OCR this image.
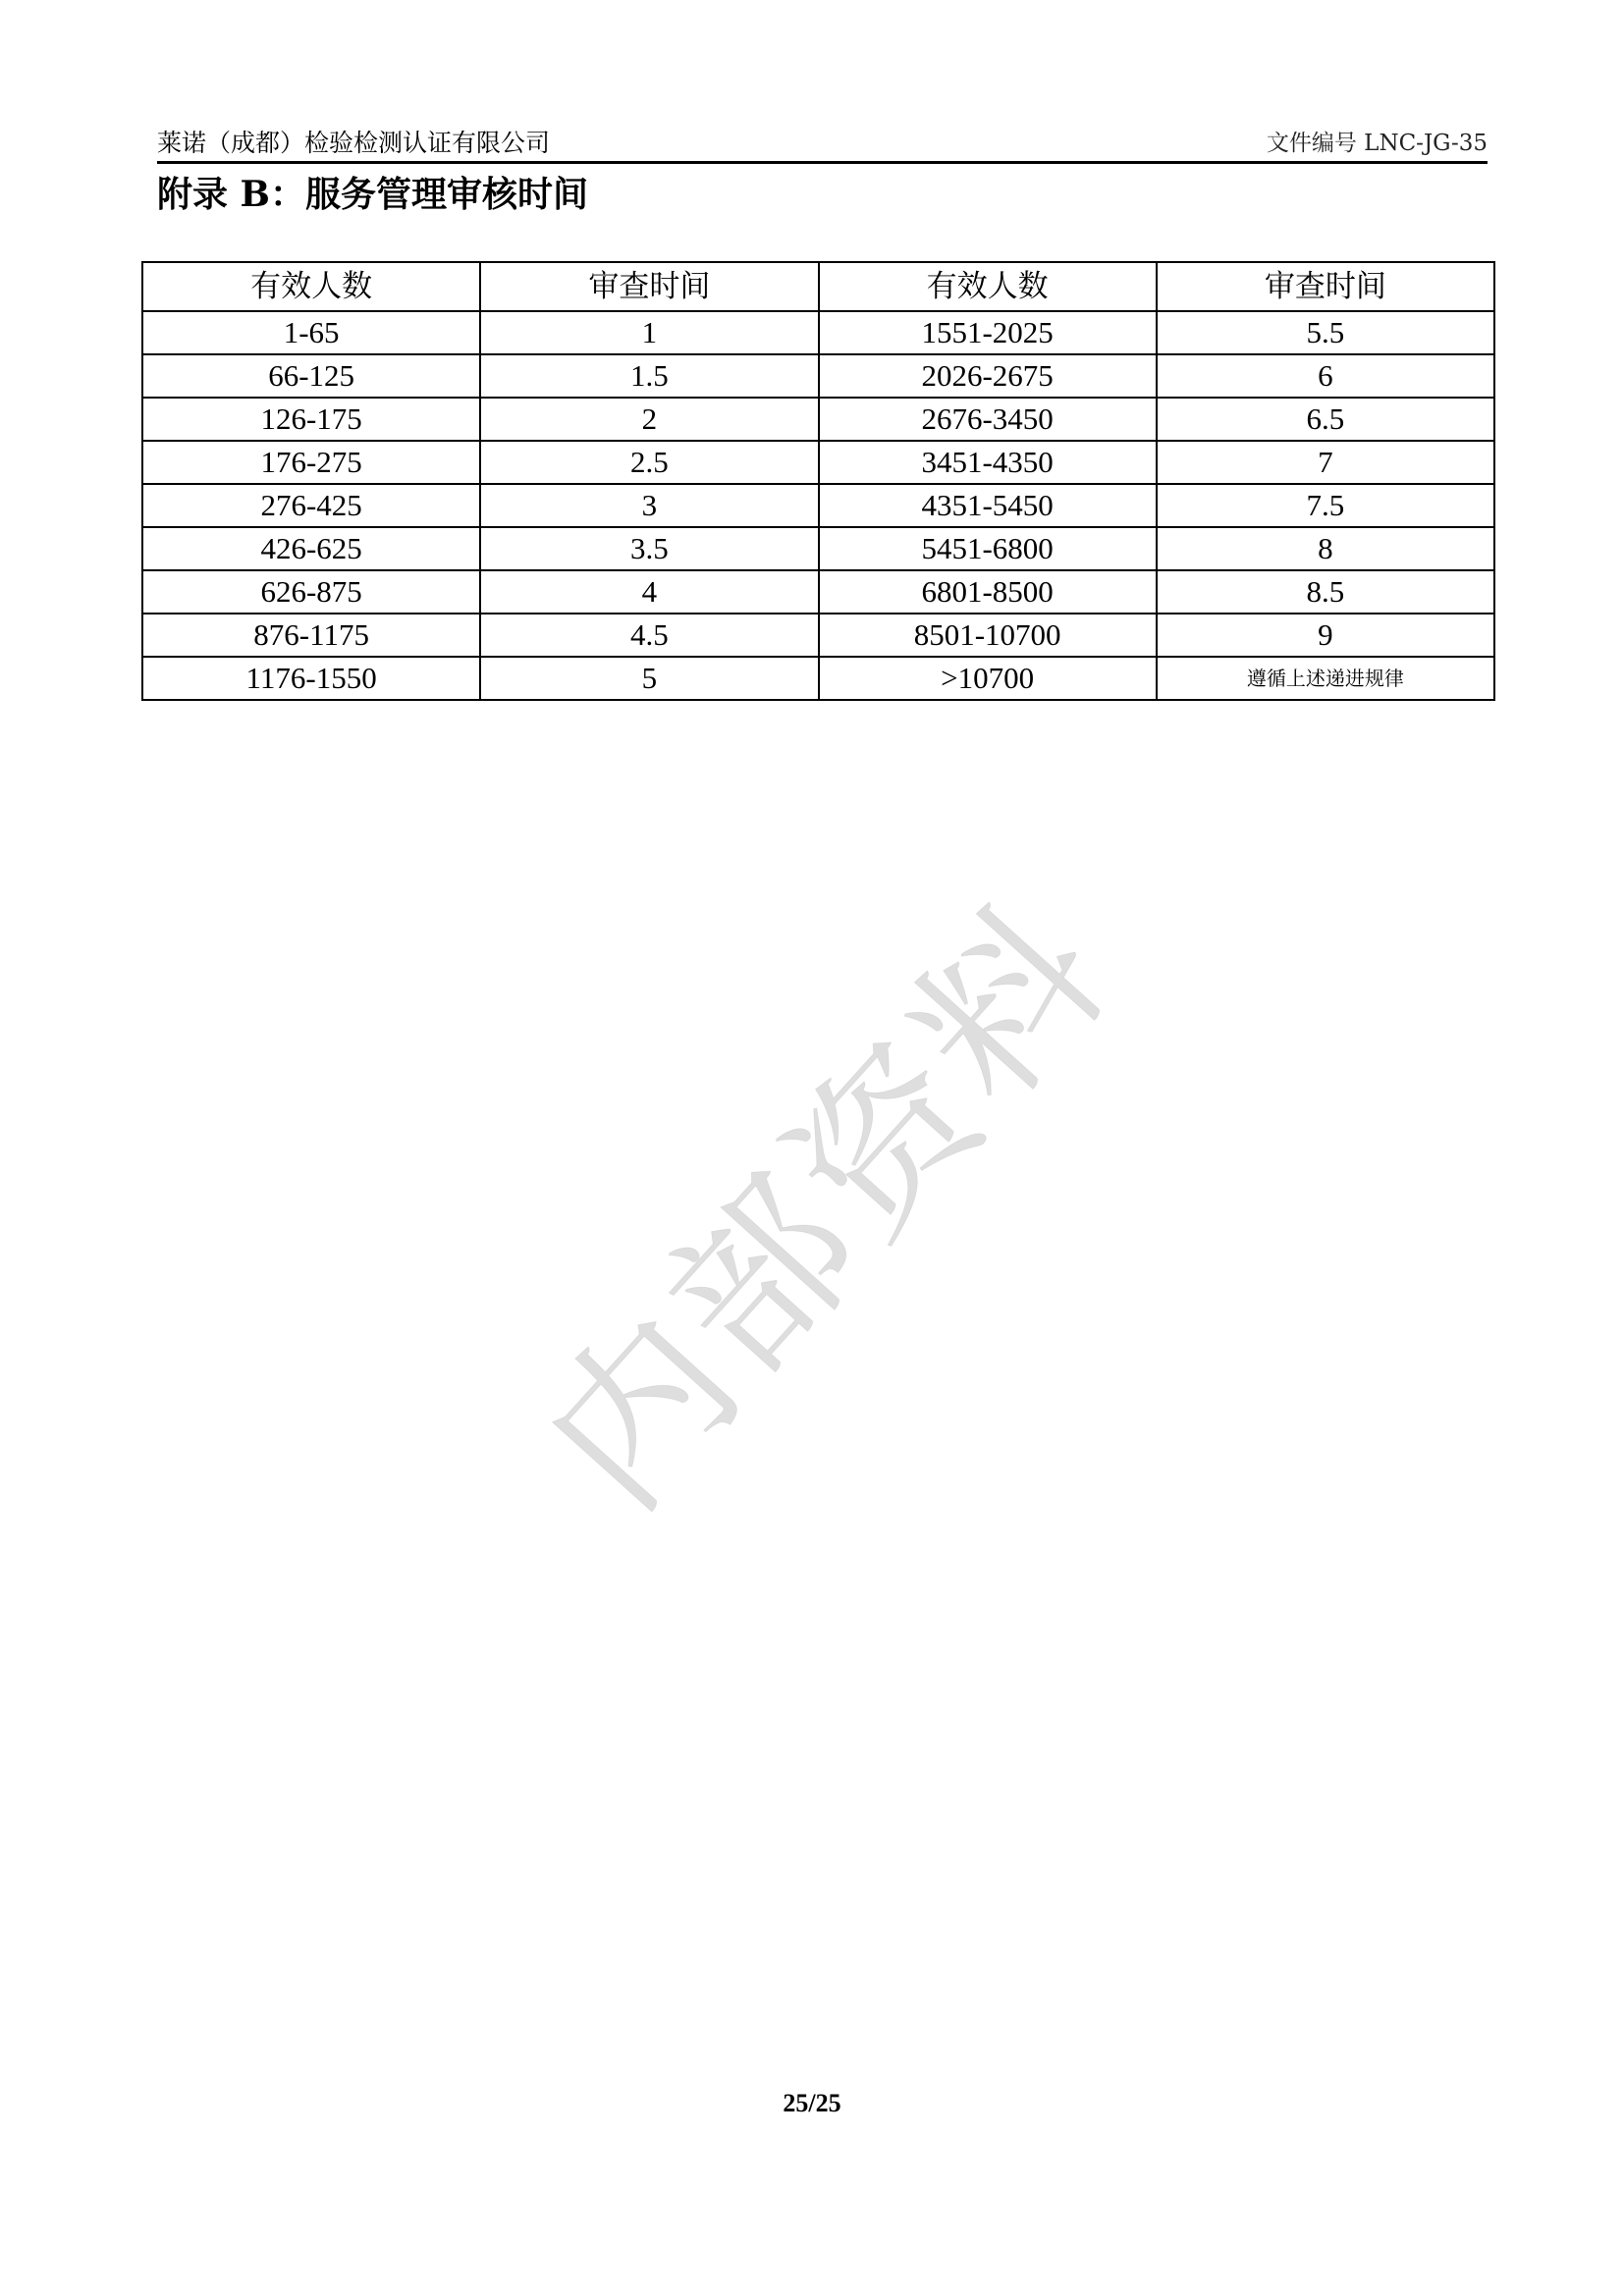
莱诺（成都）检验检测认证有限公司	文件编号 LNC-JG-35
附录 B：服务管理审核时间
有效人数	审查时间	有效人数	审查时间
1-65	1	1551-2025	5.5
66-125	1.5	2026-2675	6
126-175	2	2676-3450	6.5
176-275	2.5	3451-4350	7
276-425	3	4351-5450	7.5
426-625	3.5	5451-6800	8
626-875	4	6801-8500	8.5
876-1175	4.5	8501-10700	9
1176-1550	5	>10700	遵循上述递进规律
内部资料
25/25
